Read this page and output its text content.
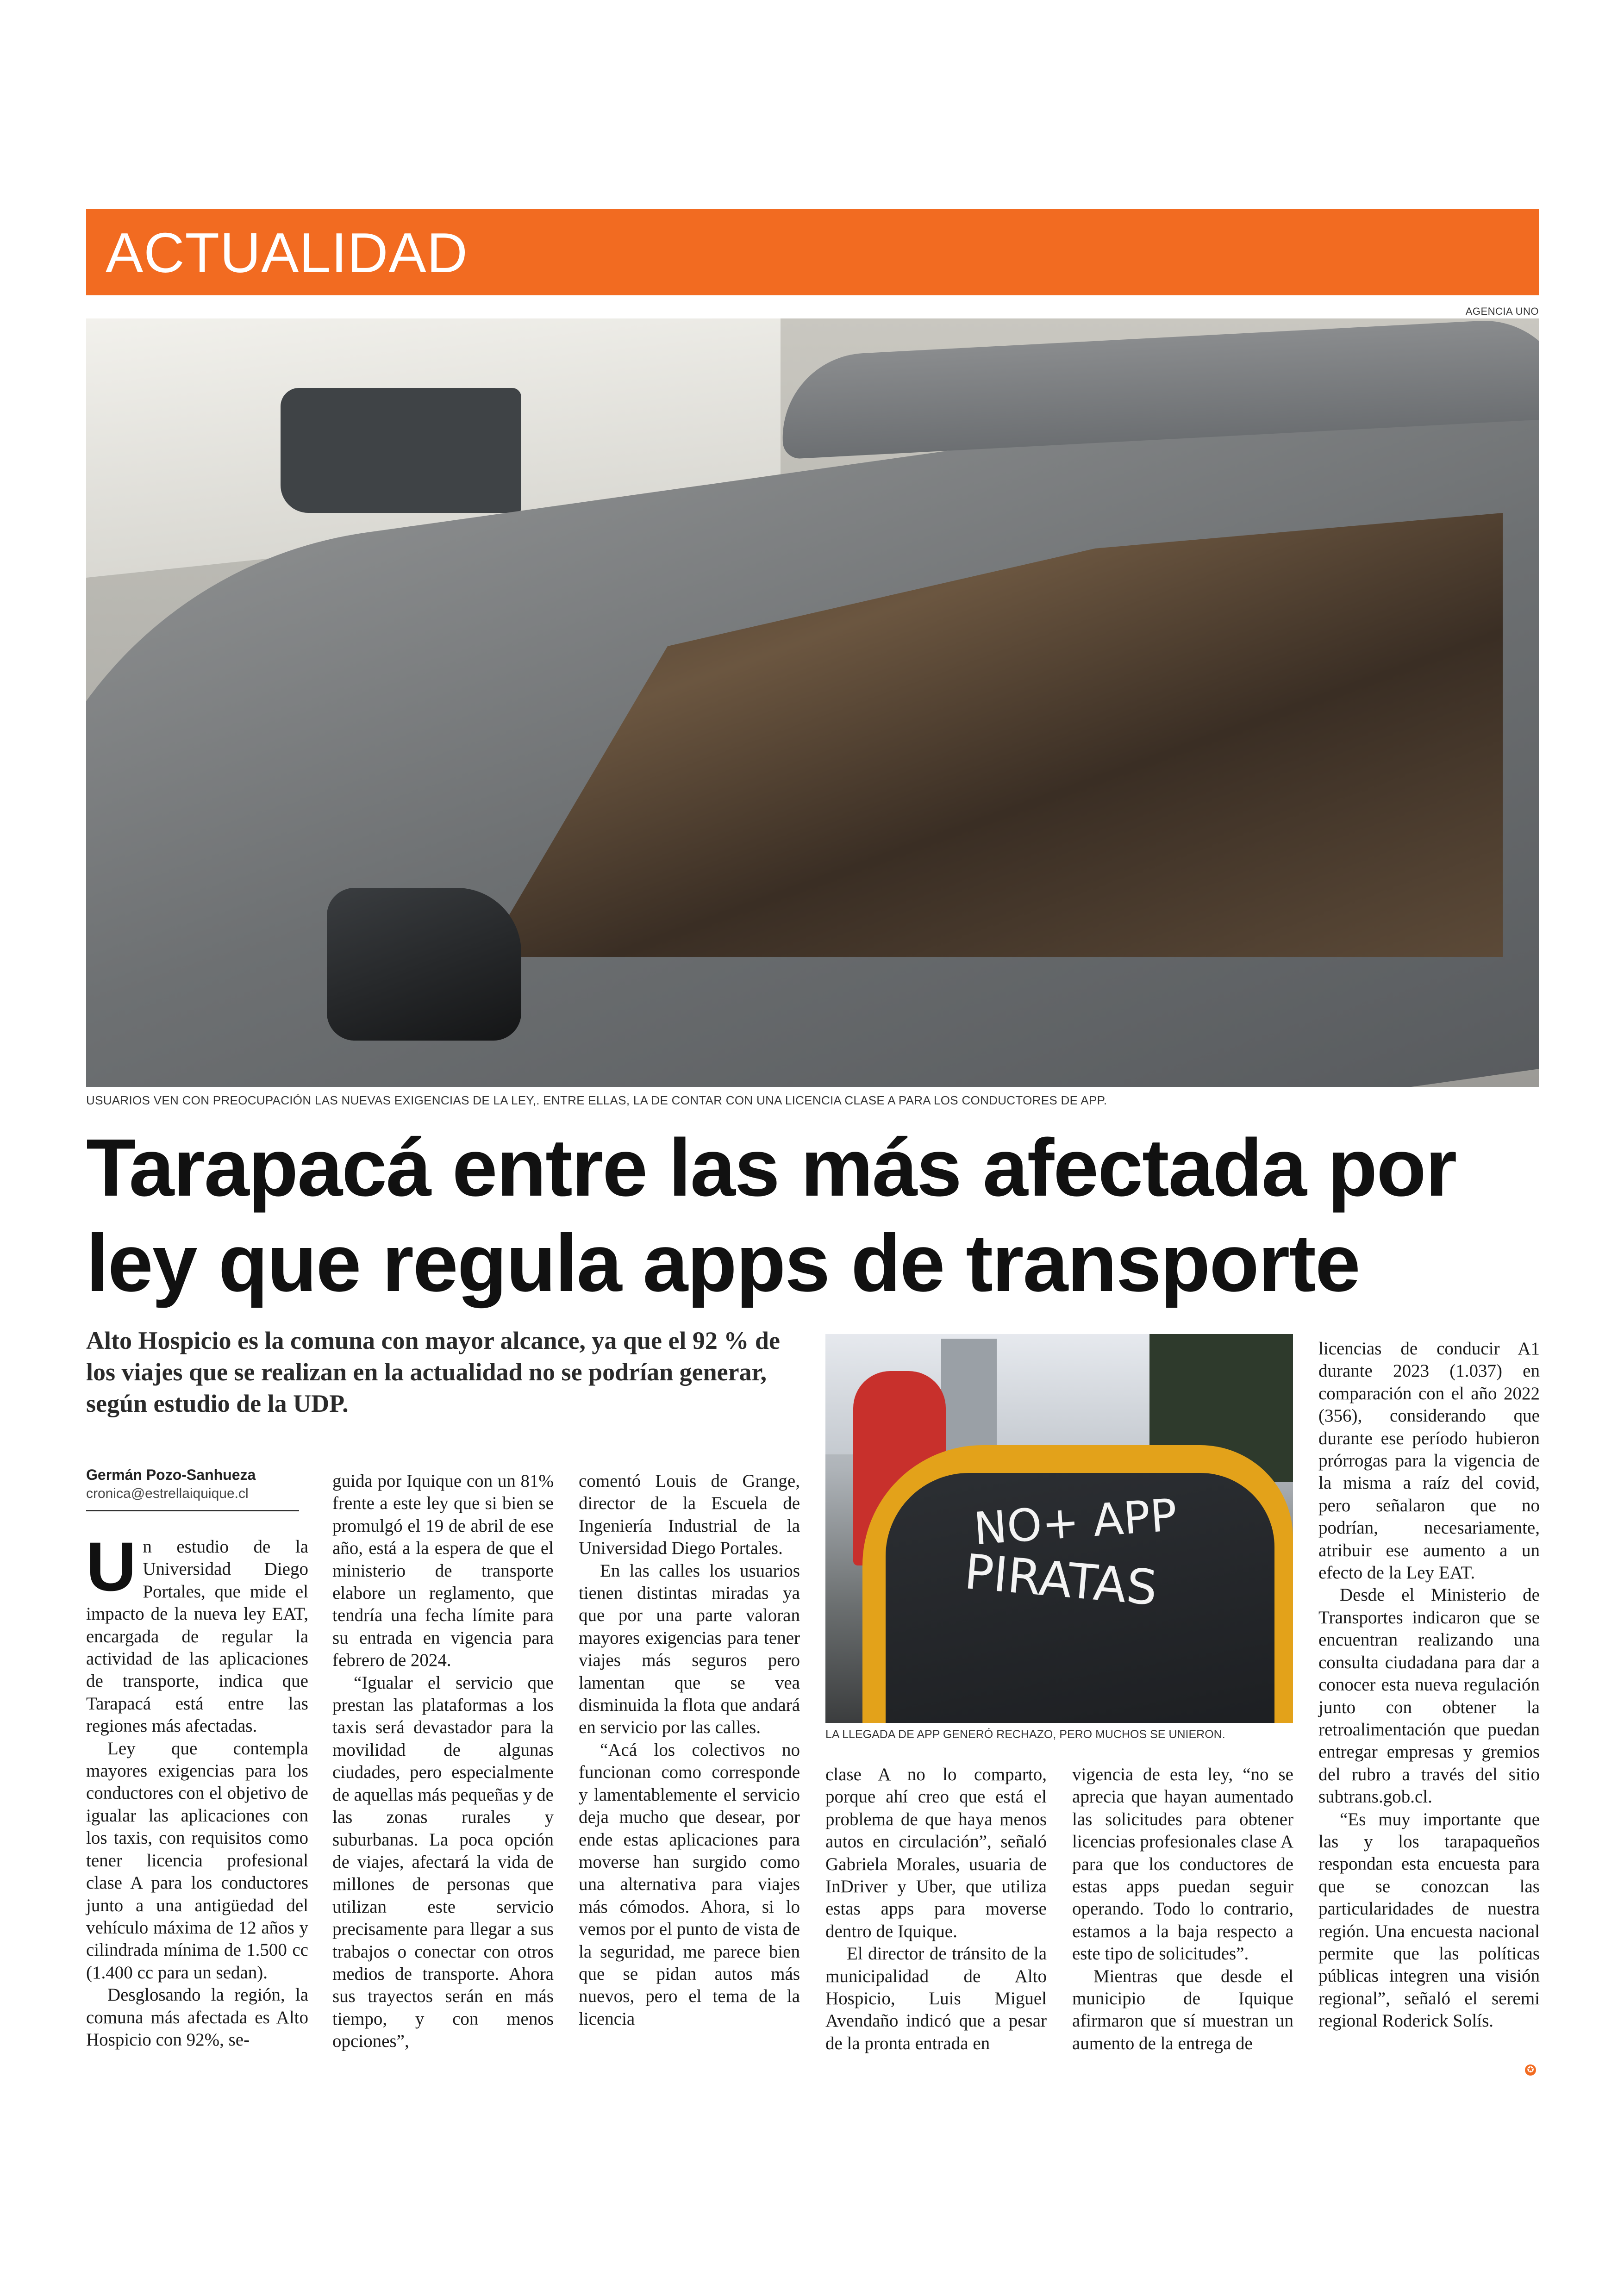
ACTUALIDAD
AGENCIA UNO
USUARIOS VEN CON PREOCUPACIÓN LAS NUEVAS EXIGENCIAS DE LA LEY,. ENTRE ELLAS, LA DE CONTAR CON UNA LICENCIA CLASE A PARA LOS CONDUCTORES DE APP.
Tarapacá entre las más afectada por
ley que regula apps de transporte
Alto Hospicio es la comuna con mayor alcance, ya que el 92 % de los viajes que se realizan en la actualidad no se podrían generar, según estudio de la UDP.
Germán Pozo-Sanhueza
cronica@estrellaiquique.cl

Un estudio de la Universidad Diego Portales, que mide el impacto de la nueva ley EAT, encargada de regular la actividad de las aplicaciones de transporte, indica que Tarapacá está entre las regiones más afectadas.

Ley que contempla mayores exigencias para los conductores con el objetivo de igualar las aplicaciones con los taxis, con requisitos como tener licencia profesional clase A para los conductores junto a una antigüedad del vehículo máxima de 12 años y cilindrada mínima de 1.500 cc (1.400 cc para un sedan).

Desglosando la región, la comuna más afectada es Alto Hospicio con 92%, se-

guida por Iquique con un 81% frente a este ley que si bien se promulgó el 19 de abril de ese año, está a la espera de que el ministerio de transporte elabore un reglamento, que tendría una fecha límite para su entrada en vigencia para febrero de 2024.

“Igualar el servicio que prestan las plataformas a los taxis será devastador para la movilidad de algunas ciudades, pero especialmente de aquellas más pequeñas y de las zonas rurales y suburbanas. La poca opción de viajes, afectará la vida de millones de personas que utilizan este servicio precisamente para llegar a sus trabajos o conectar con otros medios de transporte. Ahora sus trayectos serán en más tiempo, y con menos opciones”,

comentó Louis de Grange, director de la Escuela de Ingeniería Industrial de la Universidad Diego Portales.

En las calles los usuarios tienen distintas miradas ya que por una parte valoran mayores exigencias para tener viajes más seguros pero lamentan que se vea disminuida la flota que andará en servicio por las calles.

“Acá los colectivos no funcionan como corresponde y lamentablemente el servicio deja mucho que desear, por ende estas aplicaciones para moverse han surgido como una alternativa para viajes más cómodos. Ahora, si lo vemos por el punto de vista de la seguridad, me parece bien que se pidan autos más nuevos, pero el tema de la licencia

NO+ APP
PIRATAS
LA LLEGADA DE APP GENERÓ RECHAZO, PERO MUCHOS SE UNIERON.

clase A no lo comparto, porque ahí creo que está el problema de que haya menos autos en circulación”, señaló Gabriela Morales, usuaria de InDriver y Uber, que utiliza estas apps para moverse dentro de Iquique.

El director de tránsito de la municipalidad de Alto Hospicio, Luis Miguel Avendaño indicó que a pesar de la pronta entrada en

vigencia de esta ley, “no se aprecia que hayan aumentado las solicitudes para obtener licencias profesionales clase A para que los conductores de estas apps puedan seguir operando. Todo lo contrario, estamos a la baja respecto a este tipo de solicitudes”.

Mientras que desde el municipio de Iquique afirmaron que sí muestran un aumento de la entrega de

licencias de conducir A1 durante 2023 (1.037) en comparación con el año 2022 (356), considerando que durante ese período hubieron prórrogas para la vigencia de la misma a raíz del covid, pero señalaron que no podrían, necesariamente, atribuir ese aumento a un efecto de la Ley EAT.

Desde el Ministerio de Transportes indicaron que se encuentran realizando una consulta ciudadana para dar a conocer esta nueva regulación junto con obtener la retroalimentación que puedan entregar empresas y gremios del rubro a través del sitio subtrans.gob.cl.

“Es muy importante que las y los tarapaqueños respondan esta encuesta para que se conozcan las particularidades de nuestra región. Una encuesta nacional permite que las políticas públicas integren una visión regional”, señaló el seremi regional Roderick Solís.

✪
